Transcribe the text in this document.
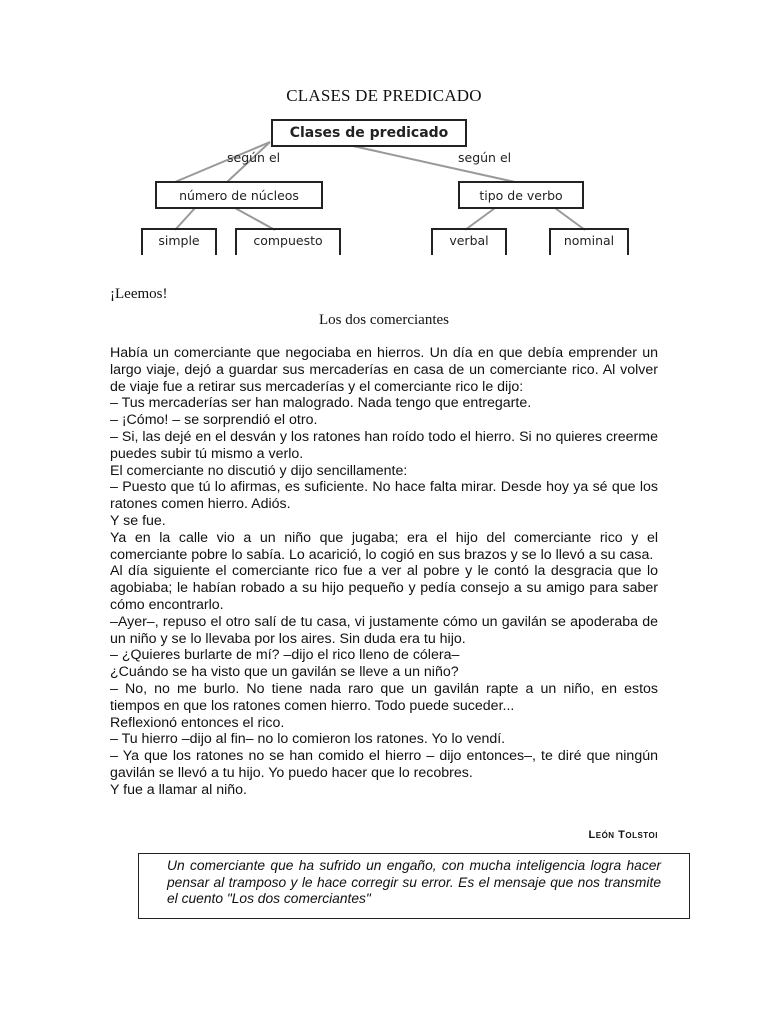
CLASES DE PREDICADO
Clases de predicado
según el	según el
número de núcleos	tipo de verbo
simple	compuesto	verbal	nominal
¡Leemos!
Los dos comerciantes

Había un comerciante que negociaba en hierros. Un día en que debía emprender un largo viaje, dejó a guardar sus mercaderías en casa de un comerciante rico. Al volver de viaje fue a retirar sus mercaderías y el comerciante rico le dijo:

– Tus mercaderías ser han malogrado. Nada tengo que entregarte.

– ¡Cómo! – se sorprendió el otro.

– Si, las dejé en el desván y los ratones han roído todo el hierro. Si no quieres creerme puedes subir tú mismo a verlo.

El comerciante no discutió y dijo sencillamente:

– Puesto que tú lo afirmas, es suficiente. No hace falta mirar. Desde hoy ya sé que los ratones comen hierro. Adiós.

Y se fue.

Ya en la calle vio a un niño que jugaba; era el hijo del comerciante rico y el comerciante pobre lo sabía. Lo acarició, lo cogió en sus brazos y se lo llevó a su casa.

Al día siguiente el comerciante rico fue a ver al pobre y le contó la desgracia que lo agobiaba; le habían robado a su hijo pequeño y pedía consejo a su amigo para saber cómo encontrarlo.

–Ayer–, repuso el otro salí de tu casa, vi justamente cómo un gavilán se apoderaba de un niño y se lo llevaba por los aires. Sin duda era tu hijo.

– ¿Quieres burlarte de mí? –dijo el rico lleno de cólera–

¿Cuándo se ha visto que un gavilán se lleve a un niño?

– No, no me burlo. No tiene nada raro que un gavilán rapte a un niño, en estos tiempos en que los ratones comen hierro. Todo puede suceder...

Reflexionó entonces el rico.

– Tu hierro –dijo al fin– no lo comieron los ratones. Yo lo vendí.

– Ya que los ratones no se han comido el hierro – dijo entonces–, te diré que ningún gavilán se llevó a tu hijo. Yo puedo hacer que lo recobres.

Y fue a llamar al niño.

León Tolstoi
Un comerciante que ha sufrido un engaño, con mucha inteligencia logra hacer pensar al tramposo y le hace corregir su error. Es el mensaje que nos transmite el cuento "Los dos comerciantes"
